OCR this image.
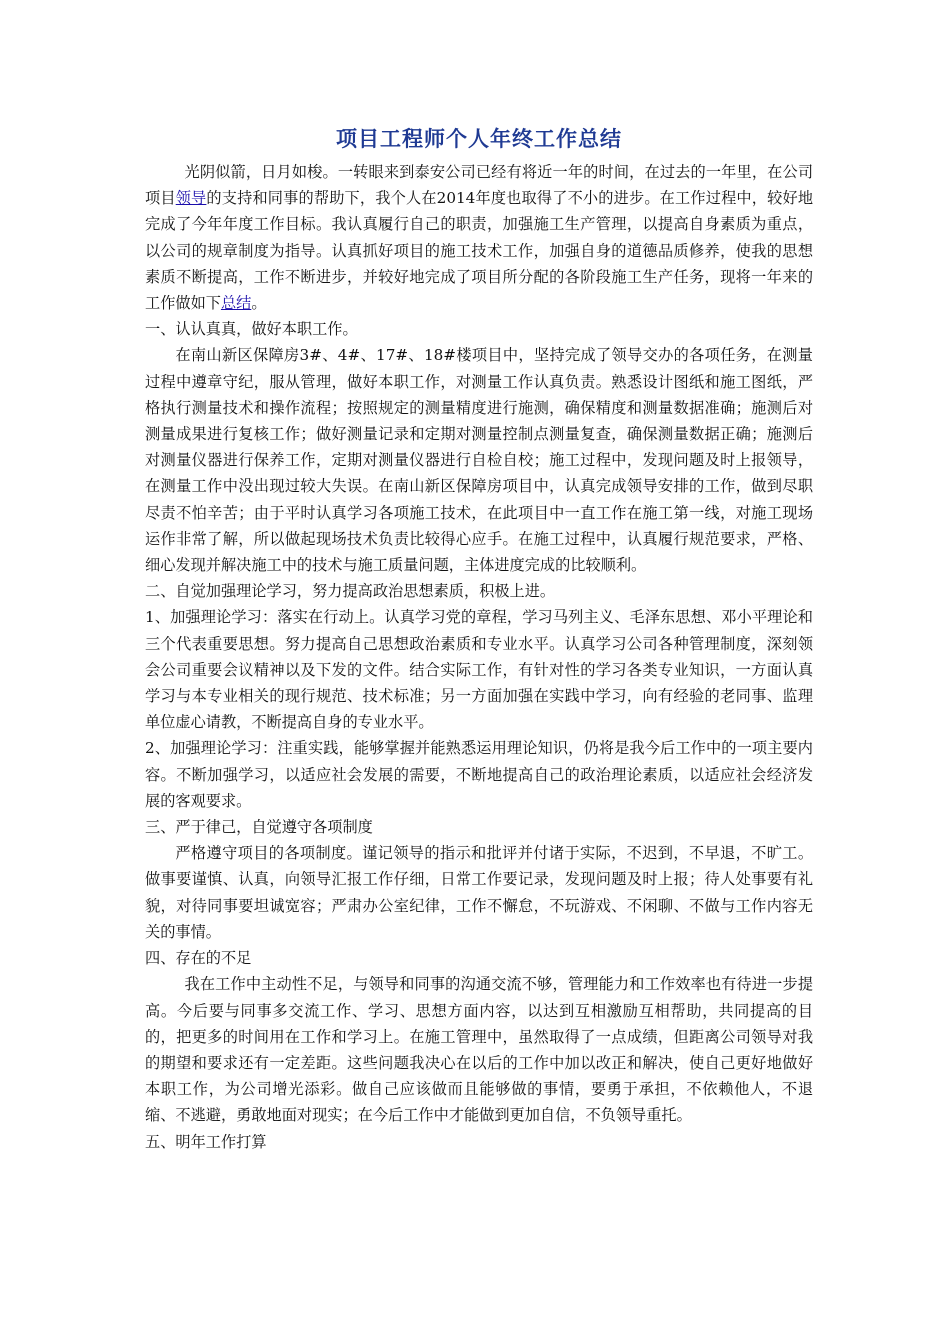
项目工程师个人年终工作总结

光阴似箭，日月如梭。一转眼来到泰安公司已经有将近一年的时间，在过去的一年里，在公司项目领导的支持和同事的帮助下，我个人在2014年度也取得了不小的进步。在工作过程中，较好地完成了今年年度工作目标。我认真履行自己的职责，加强施工生产管理，以提高自身素质为重点，以公司的规章制度为指导。认真抓好项目的施工技术工作，加强自身的道德品质修养，使我的思想素质不断提高，工作不断进步，并较好地完成了项目所分配的各阶段施工生产任务，现将一年来的工作做如下总结。

一、认认真真，做好本职工作。

在南山新区保障房3#、4#、17#、18#楼项目中，坚持完成了领导交办的各项任务，在测量过程中遵章守纪，服从管理，做好本职工作，对测量工作认真负责。熟悉设计图纸和施工图纸，严格执行测量技术和操作流程；按照规定的测量精度进行施测，确保精度和测量数据准确；施测后对测量成果进行复核工作；做好测量记录和定期对测量控制点测量复查，确保测量数据正确；施测后对测量仪器进行保养工作，定期对测量仪器进行自检自校；施工过程中，发现问题及时上报领导，在测量工作中没出现过较大失误。在南山新区保障房项目中，认真完成领导安排的工作，做到尽职尽责不怕辛苦；由于平时认真学习各项施工技术，在此项目中一直工作在施工第一线，对施工现场运作非常了解，所以做起现场技术负责比较得心应手。在施工过程中，认真履行规范要求，严格、细心发现并解决施工中的技术与施工质量问题，主体进度完成的比较顺利。

二、自觉加强理论学习，努力提高政治思想素质，积极上进。

1、加强理论学习：落实在行动上。认真学习党的章程，学习马列主义、毛泽东思想、邓小平理论和三个代表重要思想。努力提高自己思想政治素质和专业水平。认真学习公司各种管理制度，深刻领会公司重要会议精神以及下发的文件。结合实际工作，有针对性的学习各类专业知识，一方面认真学习与本专业相关的现行规范、技术标准；另一方面加强在实践中学习，向有经验的老同事、监理单位虚心请教，不断提高自身的专业水平。

2、加强理论学习：注重实践，能够掌握并能熟悉运用理论知识，仍将是我今后工作中的一项主要内容。不断加强学习，以适应社会发展的需要，不断地提高自己的政治理论素质，以适应社会经济发展的客观要求。

三、严于律己，自觉遵守各项制度

严格遵守项目的各项制度。谨记领导的指示和批评并付诸于实际，不迟到，不早退，不旷工。做事要谨慎、认真，向领导汇报工作仔细，日常工作要记录，发现问题及时上报；待人处事要有礼貌，对待同事要坦诚宽容；严肃办公室纪律，工作不懈怠，不玩游戏、不闲聊、不做与工作内容无关的事情。

四、存在的不足

我在工作中主动性不足，与领导和同事的沟通交流不够，管理能力和工作效率也有待进一步提高。今后要与同事多交流工作、学习、思想方面内容，以达到互相激励互相帮助，共同提高的目的，把更多的时间用在工作和学习上。在施工管理中，虽然取得了一点成绩，但距离公司领导对我的期望和要求还有一定差距。这些问题我决心在以后的工作中加以改正和解决，使自己更好地做好本职工作，为公司增光添彩。做自己应该做而且能够做的事情，要勇于承担，不依赖他人，不退缩、不逃避，勇敢地面对现实；在今后工作中才能做到更加自信，不负领导重托。

五、明年工作打算
